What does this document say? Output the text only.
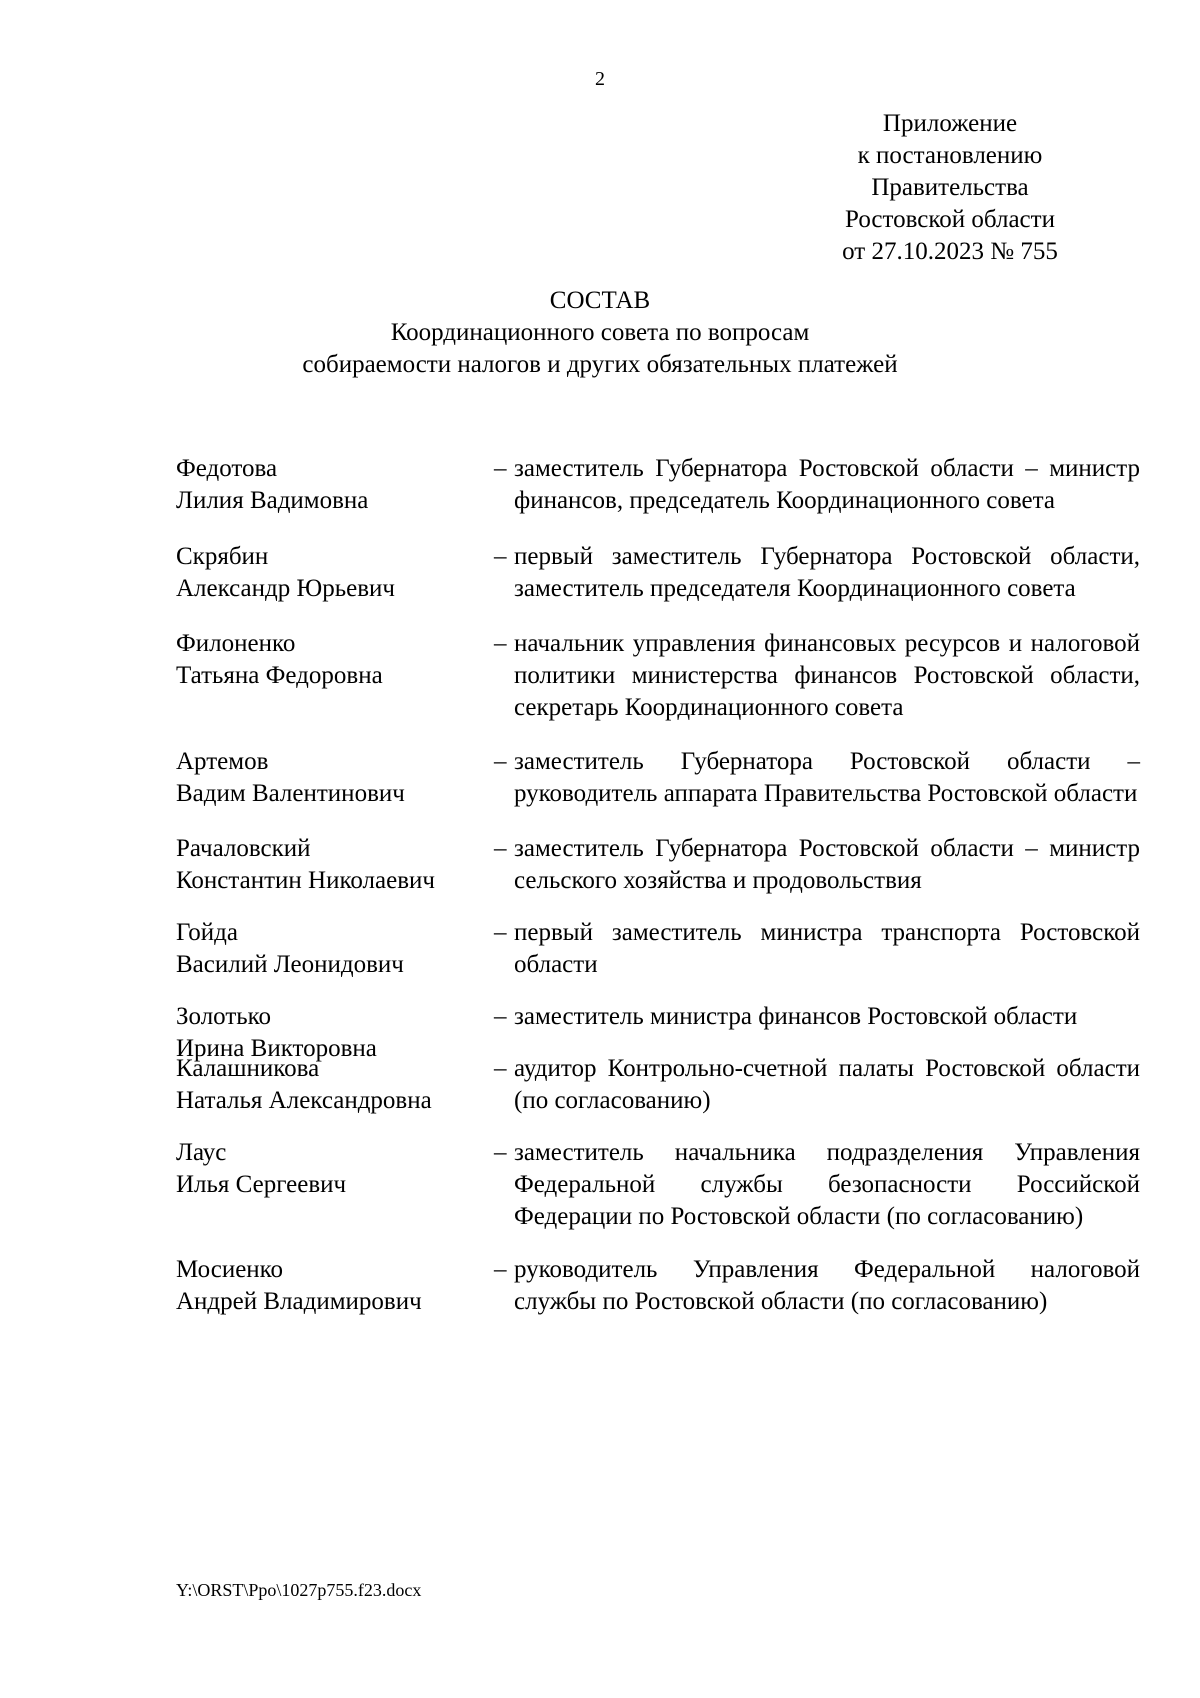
2
Приложение
к постановлению
Правительства
Ростовской области
от 27.10.2023 № 755
СОСТАВ
Координационного совета по вопросам
собираемости налогов и других обязательных платежей
Федотова
Лилия Вадимовна
– заместитель Губернатора Ростовской области – министр финансов, председатель Координационного совета
Скрябин
Александр Юрьевич
– первый заместитель Губернатора Ростовской области, заместитель председателя Координационного совета
Филоненко
Татьяна Федоровна
– начальник управления финансовых ресурсов и налоговой политики министерства финансов Ростовской области, секретарь Координационного совета
Артемов
Вадим Валентинович
– заместитель Губернатора Ростовской области – руководитель аппарата Правительства Ростовской области
Рачаловский
Константин Николаевич
– заместитель Губернатора Ростовской области – министр сельского хозяйства и продовольствия
Гойда
Василий Леонидович
– первый заместитель министра транспорта Ростовской области
Золотько
Ирина Викторовна
– заместитель министра финансов Ростовской области
Калашникова
Наталья Александровна
– аудитор Контрольно-счетной палаты Ростовской области (по согласованию)
Лаус
Илья Сергеевич
– заместитель начальника подразделения Управления Федеральной службы безопасности Российской Федерации по Ростовской области (по согласованию)
Мосиенко
Андрей Владимирович
– руководитель Управления Федеральной налоговой службы по Ростовской области (по согласованию)
Y:\ORST\Ppo\1027p755.f23.docx
